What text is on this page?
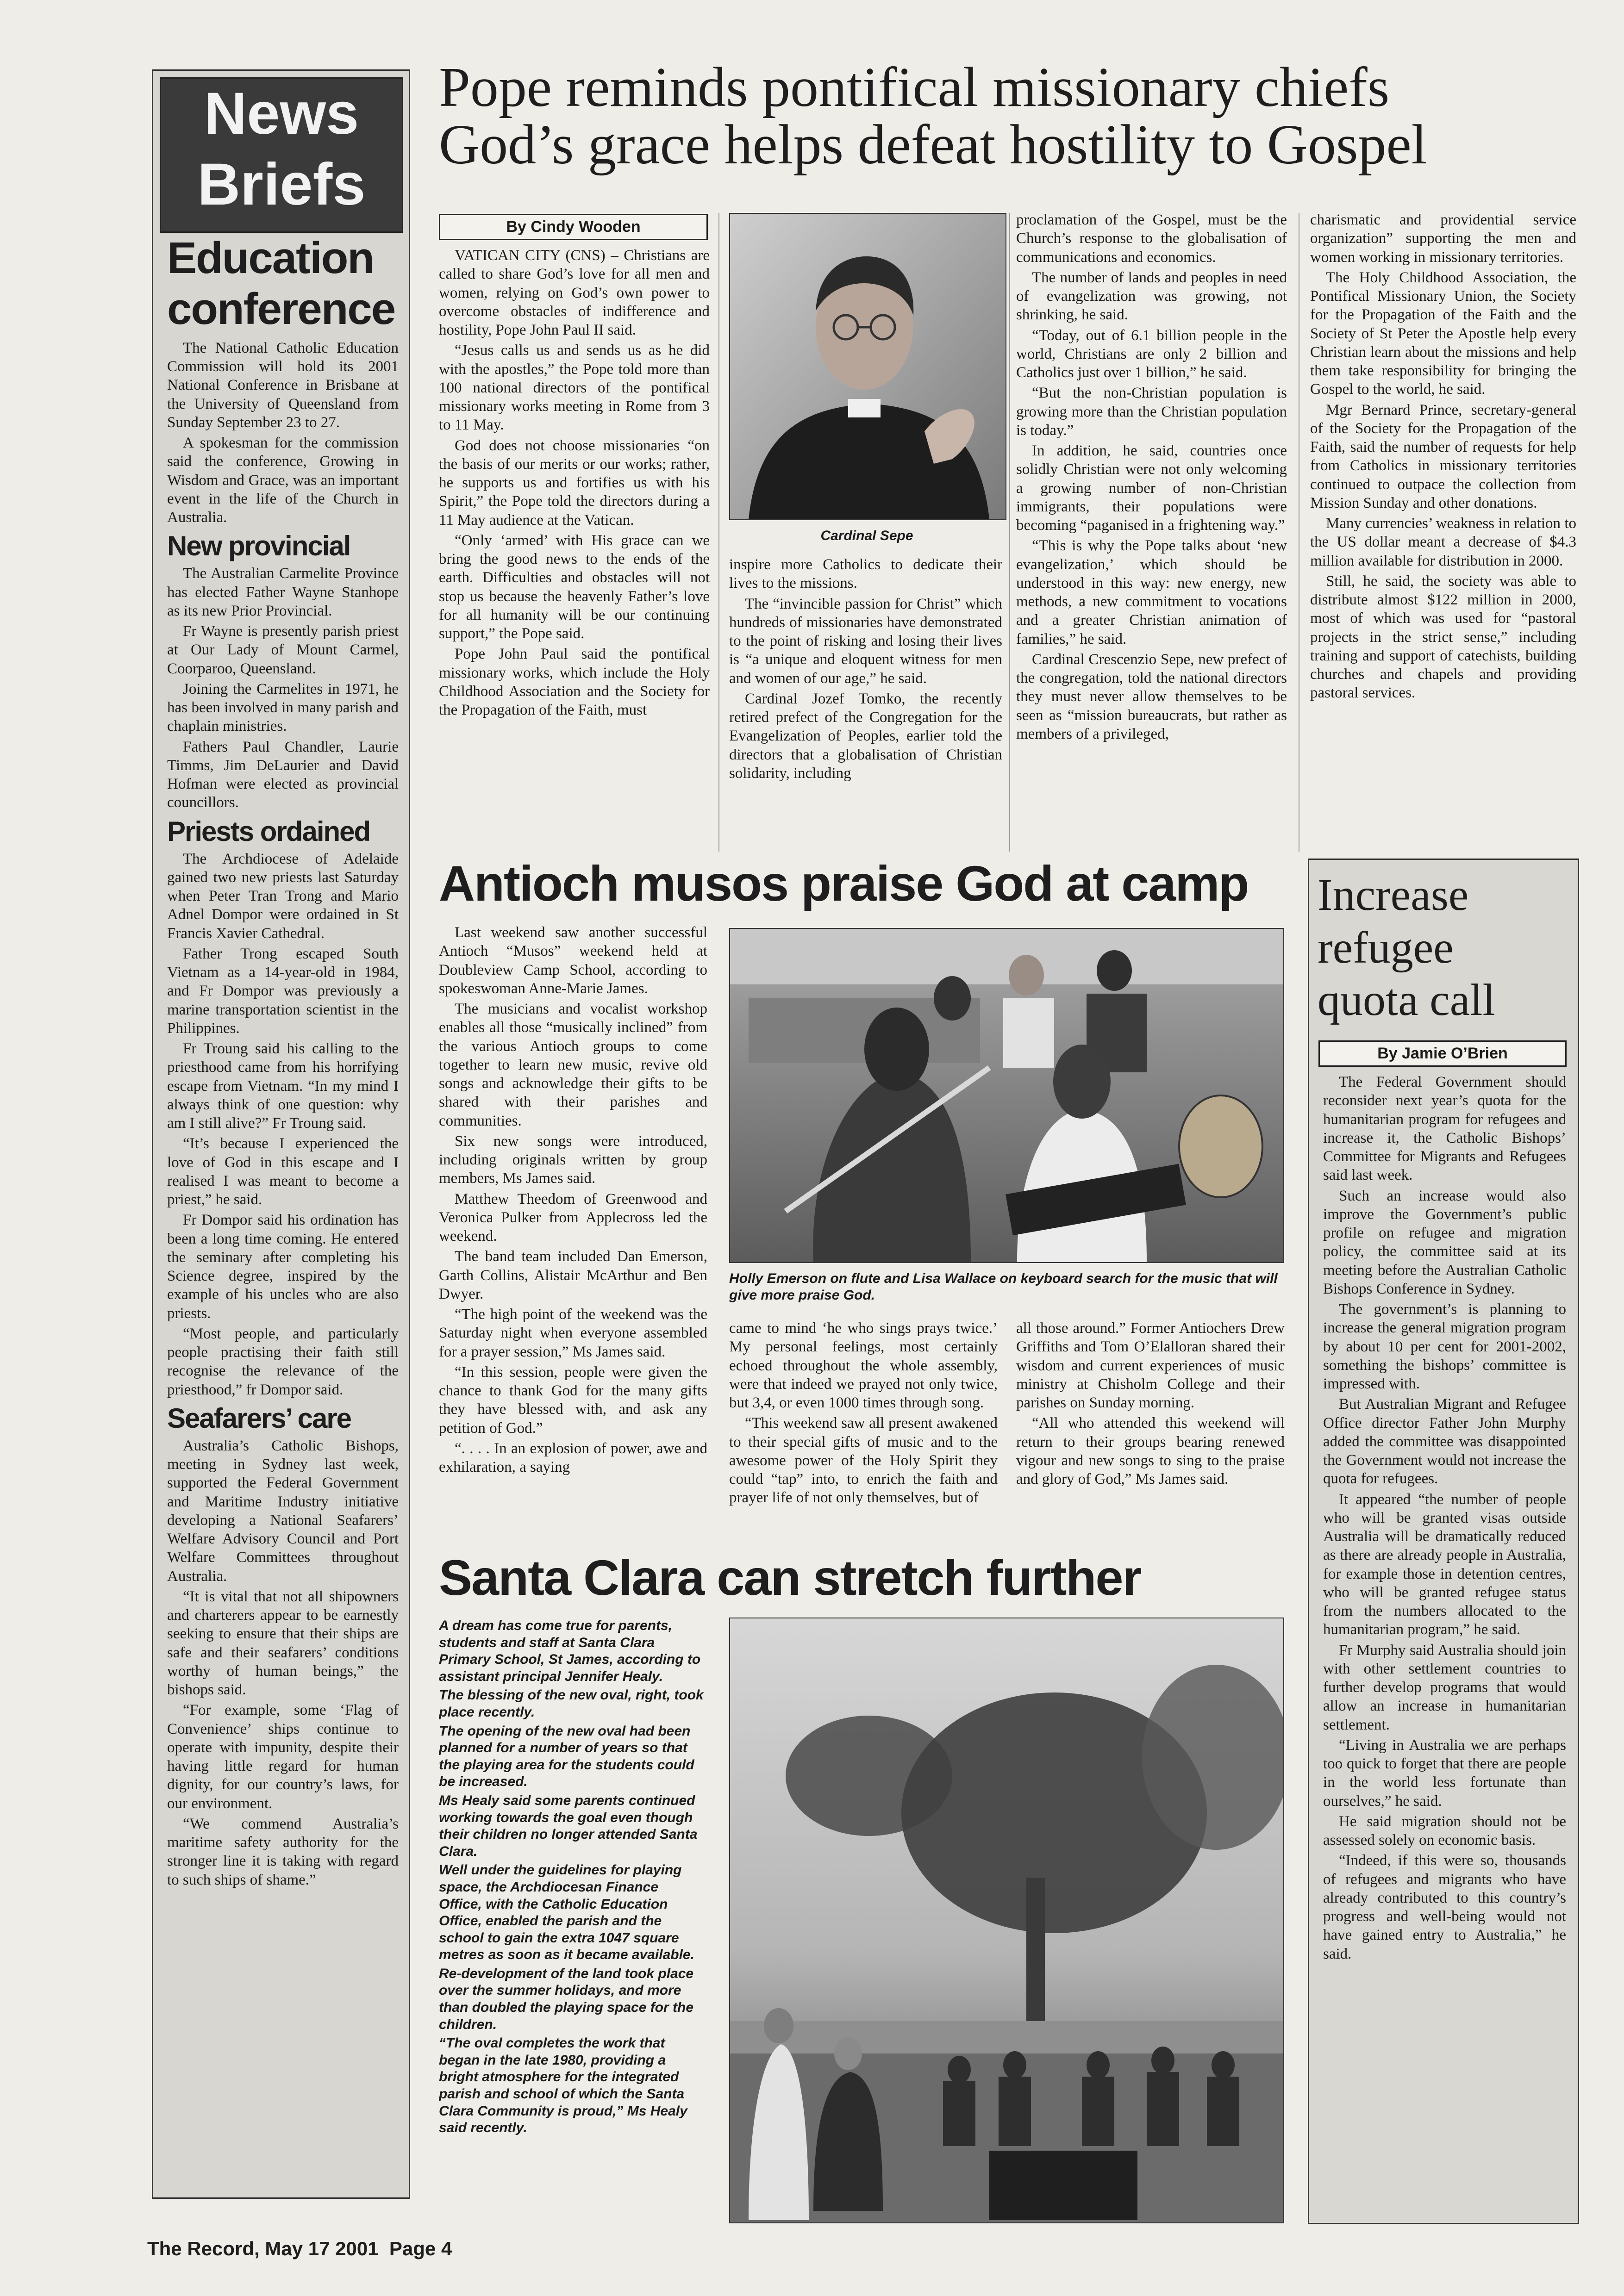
News
Briefs
Education
conference

The National Catholic Education Commission will hold its 2001 National Conference in Brisbane at the University of Queensland from Sunday September 23 to 27.

A spokesman for the commission said the conference, Growing in Wisdom and Grace, was an important event in the life of the Church in Australia.

New provincial

The Australian Carmelite Province has elected Father Wayne Stanhope as its new Prior Provincial.

Fr Wayne is presently parish priest at Our Lady of Mount Carmel, Coorparoo, Queensland.

Joining the Carmelites in 1971, he has been involved in many parish and chaplain ministries.

Fathers Paul Chandler, Laurie Timms, Jim DeLaurier and David Hofman were elected as provincial councillors.

Priests ordained

The Archdiocese of Adelaide gained two new priests last Saturday when Peter Tran Trong and Mario Adnel Dompor were ordained in St Francis Xavier Cathedral.

Father Trong escaped South Vietnam as a 14-year-old in 1984, and Fr Dompor was previously a marine transportation scientist in the Philippines.

Fr Troung said his calling to the priesthood came from his horrifying escape from Vietnam. “In my mind I always think of one question: why am I still alive?” Fr Troung said.

“It’s because I experienced the love of God in this escape and I realised I was meant to become a priest,” he said.

Fr Dompor said his ordination has been a long time coming. He entered the seminary after completing his Science degree, inspired by the example of his uncles who are also priests.

“Most people, and particularly people practising their faith still recognise the relevance of the priesthood,” fr Dompor said.

Seafarers’ care

Australia’s Catholic Bishops, meeting in Sydney last week, supported the Federal Government and Maritime Industry initiative developing a National Seafarers’ Welfare Advisory Council and Port Welfare Committees throughout Australia.

“It is vital that not all shipowners and charterers appear to be earnestly seeking to ensure that their ships are safe and their seafarers’ conditions worthy of human beings,” the bishops said.

“For example, some ‘Flag of Convenience’ ships continue to operate with impunity, despite their having little regard for human dignity, for our country’s laws, for our environment.

“We commend Australia’s maritime safety authority for the stronger line it is taking with regard to such ships of shame.”

Pope reminds pontifical missionary chiefs
God’s grace helps defeat hostility to Gospel
By Cindy Wooden

VATICAN CITY (CNS) – Christians are called to share God’s love for all men and women, relying on God’s own power to overcome obstacles of indifference and hostility, Pope John Paul II said.

“Jesus calls us and sends us as he did with the apostles,” the Pope told more than 100 national directors of the pontifical missionary works meeting in Rome from 3 to 11 May.

God does not choose missionaries “on the basis of our merits or our works; rather, he supports us and fortifies us with his Spirit,” the Pope told the directors during a 11 May audience at the Vatican.

“Only ‘armed’ with His grace can we bring the good news to the ends of the earth. Difficulties and obstacles will not stop us because the heavenly Father’s love for all humanity will be our continuing support,” the Pope said.

Pope John Paul said the pontifical missionary works, which include the Holy Childhood Association and the Society for the Propagation of the Faith, must

Cardinal Sepe

inspire more Catholics to dedicate their lives to the missions.

The “invincible passion for Christ” which hundreds of missionaries have demonstrated to the point of risking and losing their lives is “a unique and eloquent witness for men and women of our age,” he said.

Cardinal Jozef Tomko, the recently retired prefect of the Congregation for the Evangelization of Peoples, earlier told the directors that a globalisation of Christian solidarity, including

proclamation of the Gospel, must be the Church’s response to the globalisation of communications and economics.

The number of lands and peoples in need of evangelization was growing, not shrinking, he said.

“Today, out of 6.1 billion people in the world, Christians are only 2 billion and Catholics just over 1 billion,” he said.

“But the non-Christian population is growing more than the Christian population is today.”

In addition, he said, countries once solidly Christian were not only welcoming a growing number of non-Christian immigrants, their populations were becoming “paganised in a frightening way.”

“This is why the Pope talks about ‘new evangelization,’ which should be understood in this way: new energy, new methods, a new commitment to vocations and a greater Christian animation of families,” he said.

Cardinal Crescenzio Sepe, new prefect of the congregation, told the national directors they must never allow themselves to be seen as “mission bureaucrats, but rather as members of a privileged,

charismatic and providential service organization” supporting the men and women working in missionary territories.

The Holy Childhood Association, the Pontifical Missionary Union, the Society for the Propagation of the Faith and the Society of St Peter the Apostle help every Christian learn about the missions and help them take responsibility for bringing the Gospel to the world, he said.

Mgr Bernard Prince, secretary-general of the Society for the Propagation of the Faith, said the number of requests for help from Catholics in missionary territories continued to outpace the collection from Mission Sunday and other donations.

Many currencies’ weakness in relation to the US dollar meant a decrease of $4.3 million available for distribution in 2000.

Still, he said, the society was able to distribute almost $122 million in 2000, most of which was used for “pastoral projects in the strict sense,” including training and support of catechists, building churches and chapels and providing pastoral services.

Antioch musos praise God at camp

Last weekend saw another successful Antioch “Musos” weekend held at Doubleview Camp School, according to spokeswoman Anne-Marie James.

The musicians and vocalist workshop enables all those “musically inclined” from the various Antioch groups to come together to learn new music, revive old songs and acknowledge their gifts to be shared with their parishes and communities.

Six new songs were introduced, including originals written by group members, Ms James said.

Matthew Theedom of Greenwood and Veronica Pulker from Applecross led the weekend.

The band team included Dan Emerson, Garth Collins, Alistair McArthur and Ben Dwyer.

“The high point of the weekend was the Saturday night when everyone assembled for a prayer session,” Ms James said.

“In this session, people were given the chance to thank God for the many gifts they have blessed with, and ask any petition of God.”

“. . . . In an explosion of power, awe and exhilaration, a saying

Holly Emerson on flute and Lisa Wallace on keyboard search for the music that will give more praise God.

came to mind ‘he who sings prays twice.’ My personal feelings, most certainly echoed throughout the whole assembly, were that indeed we prayed not only twice, but 3,4, or even 1000 times through song.

“This weekend saw all present awakened to their special gifts of music and to the awesome power of the Holy Spirit they could “tap” into, to enrich the faith and prayer life of not only themselves, but of

all those around.” Former Antiochers Drew Griffiths and Tom O’Elalloran shared their wisdom and current experiences of music ministry at Chisholm College and their parishes on Sunday morning.

“All who attended this weekend will return to their groups bearing renewed vigour and new songs to sing to the praise and glory of God,” Ms James said.

Santa Clara can stretch further

A dream has come true for parents, students and staff at Santa Clara Primary School, St James, according to assistant principal Jennifer Healy.

The blessing of the new oval, right, took place recently.

The opening of the new oval had been planned for a number of years so that the playing area for the students could be increased.

Ms Healy said some parents continued working towards the goal even though their children no longer attended Santa Clara.

Well under the guidelines for playing space, the Archdiocesan Finance Office, with the Catholic Education Office, enabled the parish and the school to gain the extra 1047 square metres as soon as it became available.

Re-development of the land took place over the summer holidays, and more than doubled the playing space for the children.

“The oval completes the work that began in the late 1980, providing a bright atmosphere for the integrated parish and school of which the Santa Clara Community is proud,” Ms Healy said recently.

Increase
refugee
quota call
By Jamie O’Brien

The Federal Government should reconsider next year’s quota for the humanitarian program for refugees and increase it, the Catholic Bishops’ Committee for Migrants and Refugees said last week.

Such an increase would also improve the Government’s public profile on refugee and migration policy, the committee said at its meeting before the Australian Catholic Bishops Conference in Sydney.

The government’s is planning to increase the general migration program by about 10 per cent for 2001-2002, something the bishops’ committee is impressed with.

But Australian Migrant and Refugee Office director Father John Murphy added the committee was disappointed the Government would not increase the quota for refugees.

It appeared “the number of people who will be granted visas outside Australia will be dramatically reduced as there are already people in Australia, for example those in detention centres, who will be granted refugee status from the numbers allocated to the humanitarian program,” he said.

Fr Murphy said Australia should join with other settlement countries to further develop programs that would allow an increase in humanitarian settlement.

“Living in Australia we are perhaps too quick to forget that there are people in the world less fortunate than ourselves,” he said.

He said migration should not be assessed solely on economic basis.

“Indeed, if this were so, thousands of refugees and migrants who have already contributed to this country’s progress and well-being would not have gained entry to Australia,” he said.

The Record, May 17 2001  Page 4
